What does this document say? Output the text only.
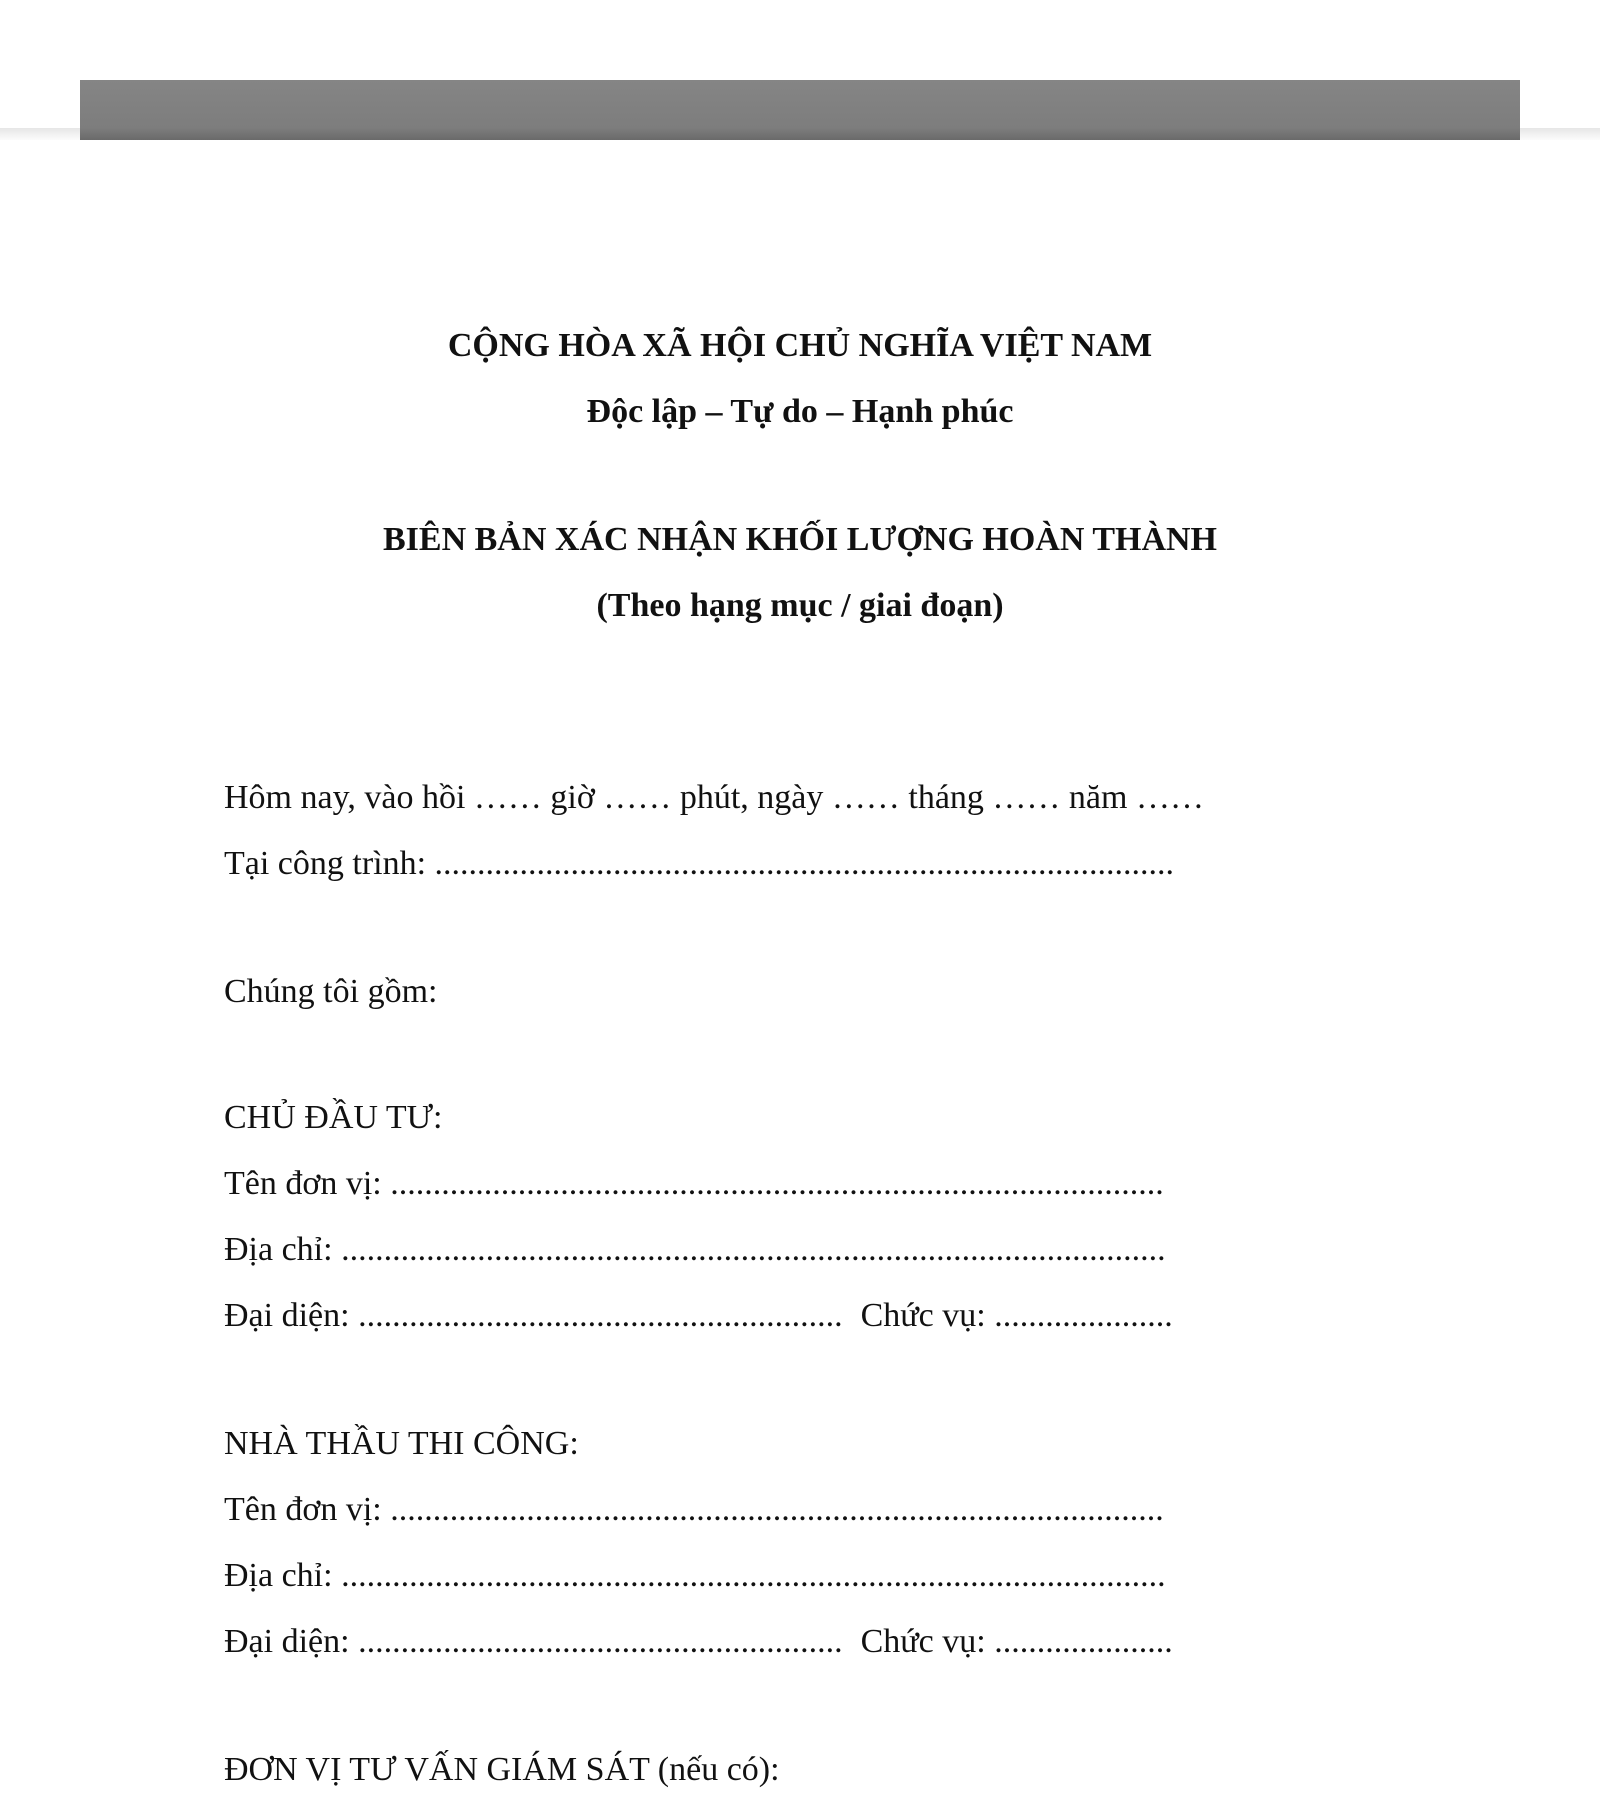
CỘNG HÒA XÃ HỘI CHỦ NGHĨA VIỆT NAM
Độc lập – Tự do – Hạnh phúc
BIÊN BẢN XÁC NHẬN KHỐI LƯỢNG HOÀN THÀNH
(Theo hạng mục / giai đoạn)
Hôm nay, vào hồi …… giờ …… phút, ngày …… tháng …… năm ……
Tại công trình: .......................................................................................
Chúng tôi gồm:
CHỦ ĐẦU TƯ:
Tên đơn vị: ...........................................................................................
Địa chỉ: .................................................................................................
Đại diện: ......................................................... Chức vụ: .....................
NHÀ THẦU THI CÔNG:
Tên đơn vị: ...........................................................................................
Địa chỉ: .................................................................................................
Đại diện: ......................................................... Chức vụ: .....................
ĐƠN VỊ TƯ VẤN GIÁM SÁT (nếu có):
